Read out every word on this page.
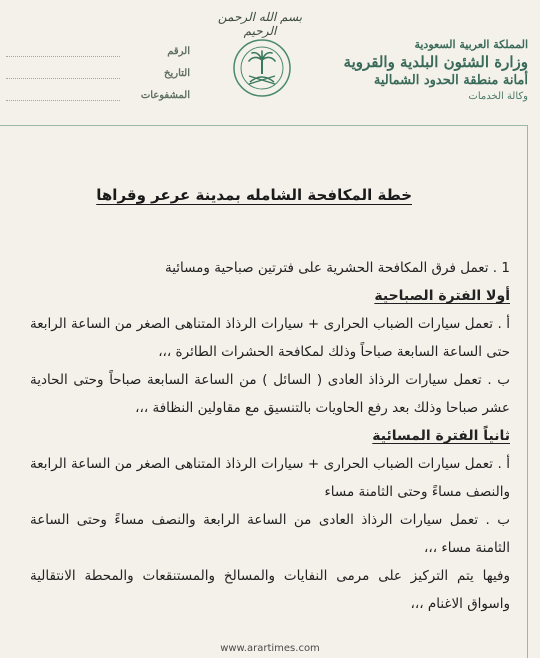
بسم الله الرحمن الرحيم
المملكة العربية السعودية
وزارة الشئون البلدية والقروية
أمانة منطقة الحدود الشمالية
وكالة الخدمات
الرقم
التاريخ
المشفوعات
خطة المكافحة الشامله بمدينة عرعر وقراها

1 . تعمل فرق المكافحة الحشرية على فترتين صباحية ومسائية

أولا الفترة الصباحية

أ . تعمل سيارات الضباب الحرارى + سيارات الرذاذ المتناهى الصغر من الساعة الرابعة حتى الساعة السابعة صباحاً وذلك لمكافحة الحشرات الطائرة ،،،

ب . تعمل سيارات الرذاذ العادى ( السائل ) من الساعة السابعة صباحاً وحتى الحادية عشر صباحا وذلك بعد رفع الحاويات بالتنسيق مع مقاولين النظافة ،،،

ثانياً الفترة المسائية

أ . تعمل سيارات الضباب الحرارى + سيارات الرذاذ المتناهى الصغر من الساعة الرابعة والنصف مساءً وحتى الثامنة مساء

ب . تعمل سيارات الرذاذ العادى من الساعة الرابعة والنصف مساءً وحتى الساعة الثامنة مساء ،،،

وفيها يتم التركيز على مرمى النفايات والمسالخ والمستنقعات والمحطة الانتقالية واسواق الاغنام ،،،

www.arartimes.com
